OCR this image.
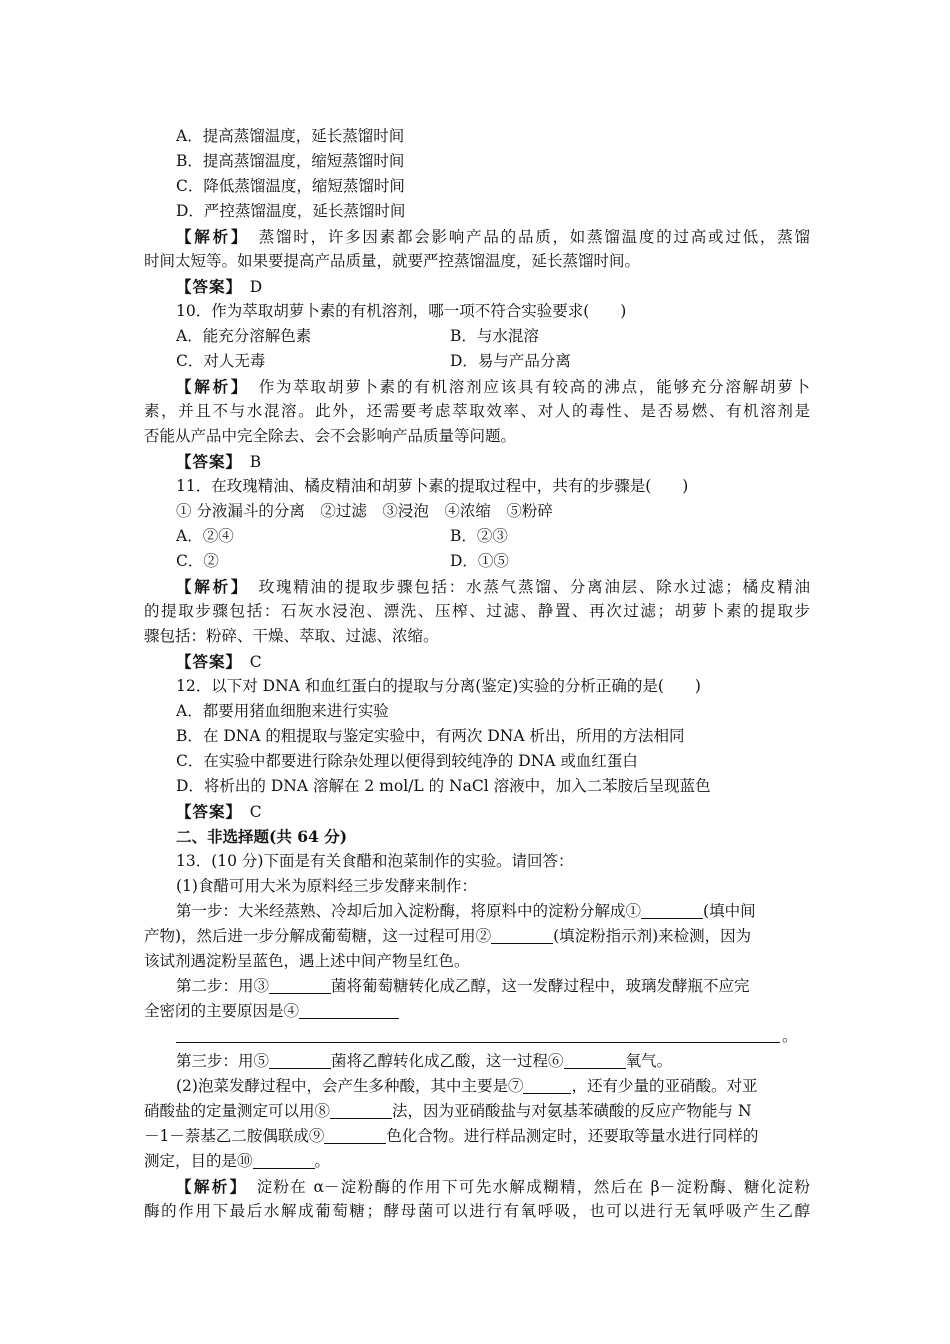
A．提高蒸馏温度，延长蒸馏时间
B．提高蒸馏温度，缩短蒸馏时间
C．降低蒸馏温度，缩短蒸馏时间
D．严控蒸馏温度，延长蒸馏时间
【解析】　 蒸馏时，许多因素都会影响产品的品质，如蒸馏温度的过高或过低，蒸馏
时间太短等。如果要提高产品质量，就要严控蒸馏温度，延长蒸馏时间。
【答案】　 D
10．作为萃取胡萝卜素的有机溶剂，哪一项不符合实验要求(　　)
A．能充分溶解色素	B．与水混溶
C．对人无毒	D．易与产品分离
【解析】　 作为萃取胡萝卜素的有机溶剂应该具有较高的沸点，能够充分溶解胡萝卜
素，并且不与水混溶。此外，还需要考虑萃取效率、对人的毒性、是否易燃、有机溶剂是
否能从产品中完全除去、会不会影响产品质量等问题。
【答案】　 B
11．在玫瑰精油、橘皮精油和胡萝卜素的提取过程中，共有的步骤是(　　)
① 分液漏斗的分离　②过滤　③浸泡　④浓缩　⑤粉碎
A．②④	B．②③
C．②	D．①⑤
【解析】　 玫瑰精油的提取步骤包括：水蒸气蒸馏、分离油层、除水过滤；橘皮精油
的提取步骤包括：石灰水浸泡、漂洗、压榨、过滤、静置、再次过滤；胡萝卜素的提取步
骤包括：粉碎、干燥、萃取、过滤、浓缩。
【答案】　 C
12．以下对 DNA 和血红蛋白的提取与分离(鉴定)实验的分析正确的是(　　)
A．都要用猪血细胞来进行实验
B．在 DNA 的粗提取与鉴定实验中，有两次 DNA 析出，所用的方法相同
C．在实验中都要进行除杂处理以便得到较纯净的 DNA 或血红蛋白
D．将析出的 DNA 溶解在 2 mol/L 的 NaCl 溶液中，加入二苯胺后呈现蓝色
【答案】　 C
二、非选择题(共 64 分)
13．(10 分)下面是有关食醋和泡菜制作的实验。请回答：
(1)食醋可用大米为原料经三步发酵来制作：
第一步：大米经蒸熟、冷却后加入淀粉酶，将原料中的淀粉分解成①	(填中间
产物)，然后进一步分解成葡萄糖，这一过程可用②	(填淀粉指示剂)来检测，因为
该试剂遇淀粉呈蓝色，遇上述中间产物呈红色。
第二步：用③	菌将葡萄糖转化成乙醇，这一发酵过程中，玻璃发酵瓶不应完
全密闭的主要原因是④
。
第三步：用⑤	菌将乙醇转化成乙酸，这一过程⑥	氧气。
(2)泡菜发酵过程中，会产生多种酸，其中主要是⑦	，还有少量的亚硝酸。对亚
硝酸盐的定量测定可以用⑧	法，因为亚硝酸盐与对氨基苯磺酸的反应产物能与 N
－1－萘基乙二胺偶联成⑨	色化合物。进行样品测定时，还要取等量水进行同样的
测定，目的是⑩	。
【解析】　 淀粉在 α－淀粉酶的作用下可先水解成糊精，然后在 β－淀粉酶、糖化淀粉
酶的作用下最后水解成葡萄糖；酵母菌可以进行有氧呼吸，也可以进行无氧呼吸产生乙醇
